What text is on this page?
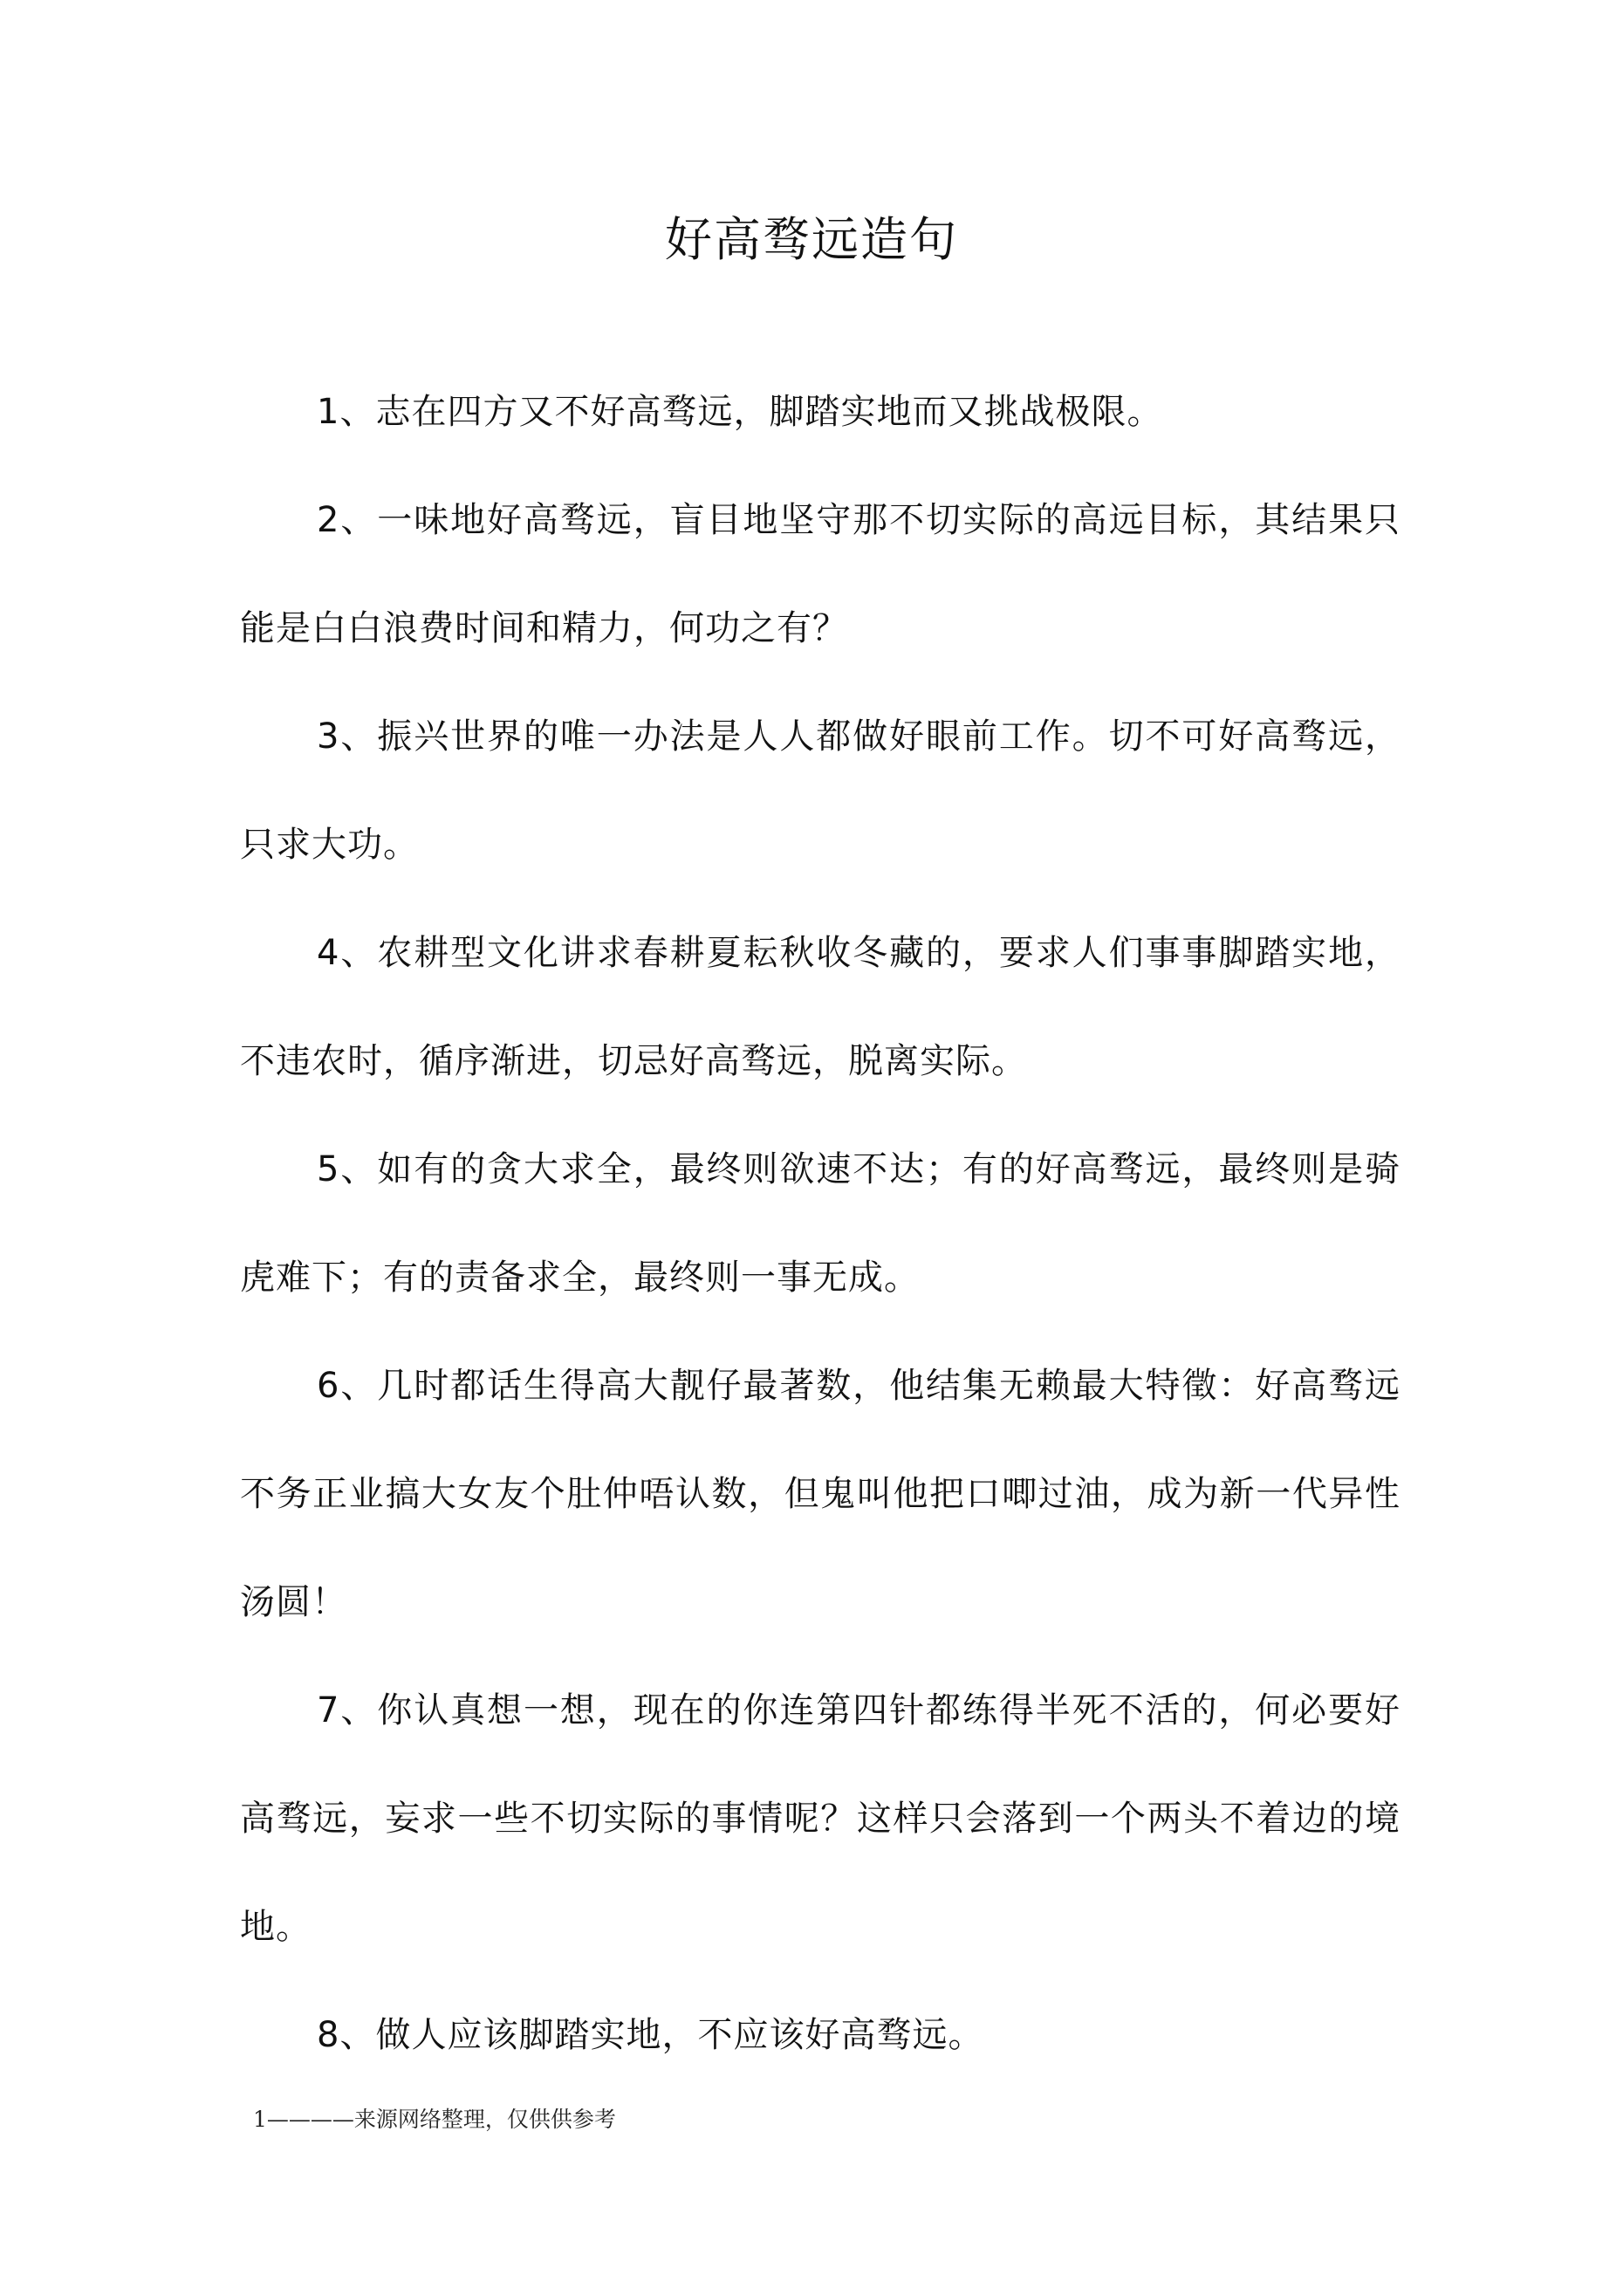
好高骛远造句

1、志在四方又不好高骛远，脚踏实地而又挑战极限。

2、一味地好高骛远，盲目地坚守那不切实际的高远目标，其结果只能是白白浪费时间和精力，何功之有？

3、振兴世界的唯一办法是人人都做好眼前工作。切不可好高骛远，只求大功。

4、农耕型文化讲求春耕夏耘秋收冬藏的，要求人们事事脚踏实地，不违农时，循序渐进，切忌好高骛远，脱离实际。

5、如有的贪大求全，最终则欲速不达；有的好高骛远，最终则是骑虎难下；有的责备求全，最终则一事无成。

6、几时都话生得高大靓仔最著数，他结集无赖最大特徵：好高骛远不务正业搞大女友个肚仲唔认数，但鬼叫他把口唧过油，成为新一代异性汤圆！

7、你认真想一想，现在的你连第四针都练得半死不活的，何必要好高骛远，妄求一些不切实际的事情呢？这样只会落到一个两头不着边的境地。

8、做人应该脚踏实地，不应该好高骛远。

1————来源网络整理，仅供供参考
